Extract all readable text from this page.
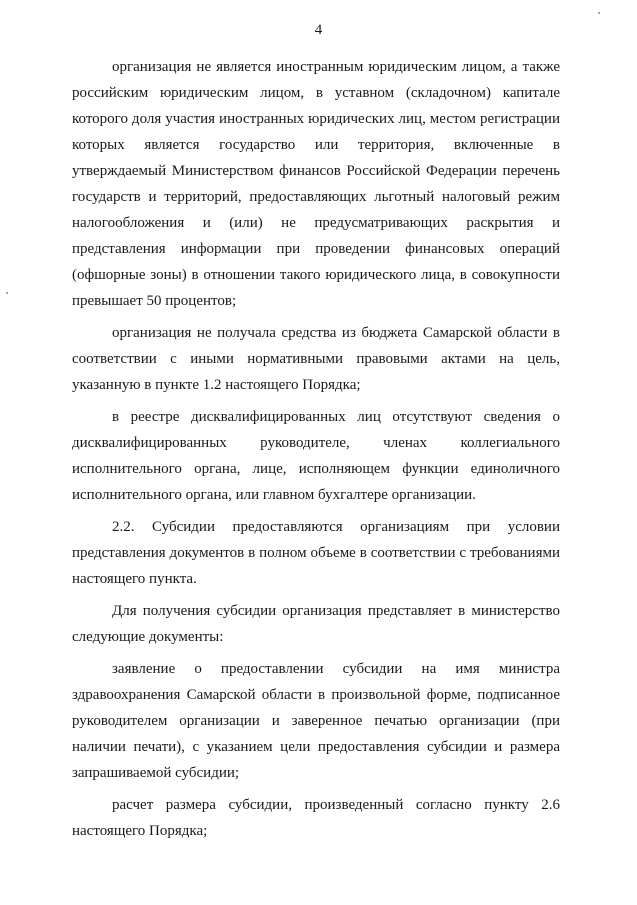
4

организация не является иностранным юридическим лицом, а также российским юридическим лицом, в уставном (складочном) капитале которого доля участия иностранных юридических лиц, местом регистрации которых является государство или территория, включенные в утверждаемый Министерством финансов Российской Федерации перечень государств и территорий, предоставляющих льготный налоговый режим налогообложения и (или) не предусматривающих раскрытия и представления информации при проведении финансовых операций (офшорные зоны) в отношении такого юридического лица, в совокупности превышает 50 процентов;

организация не получала средства из бюджета Самарской области в соответствии с иными нормативными правовыми актами на цель, указанную в пункте 1.2 настоящего Порядка;

в реестре дисквалифицированных лиц отсутствуют сведения о дисквалифицированных руководителе, членах коллегиального исполнительного органа, лице, исполняющем функции единоличного исполнительного органа, или главном бухгалтере организации.

2.2. Субсидии предоставляются организациям при условии представления документов в полном объеме в соответствии с требованиями настоящего пункта.

Для получения субсидии организация представляет в министерство следующие документы:

заявление о предоставлении субсидии на имя министра здравоохранения Самарской области в произвольной форме, подписанное руководителем организации и заверенное печатью организации (при наличии печати), с указанием цели предоставления субсидии и размера запрашиваемой субсидии;

расчет размера субсидии, произведенный согласно пункту 2.6 настоящего Порядка;
